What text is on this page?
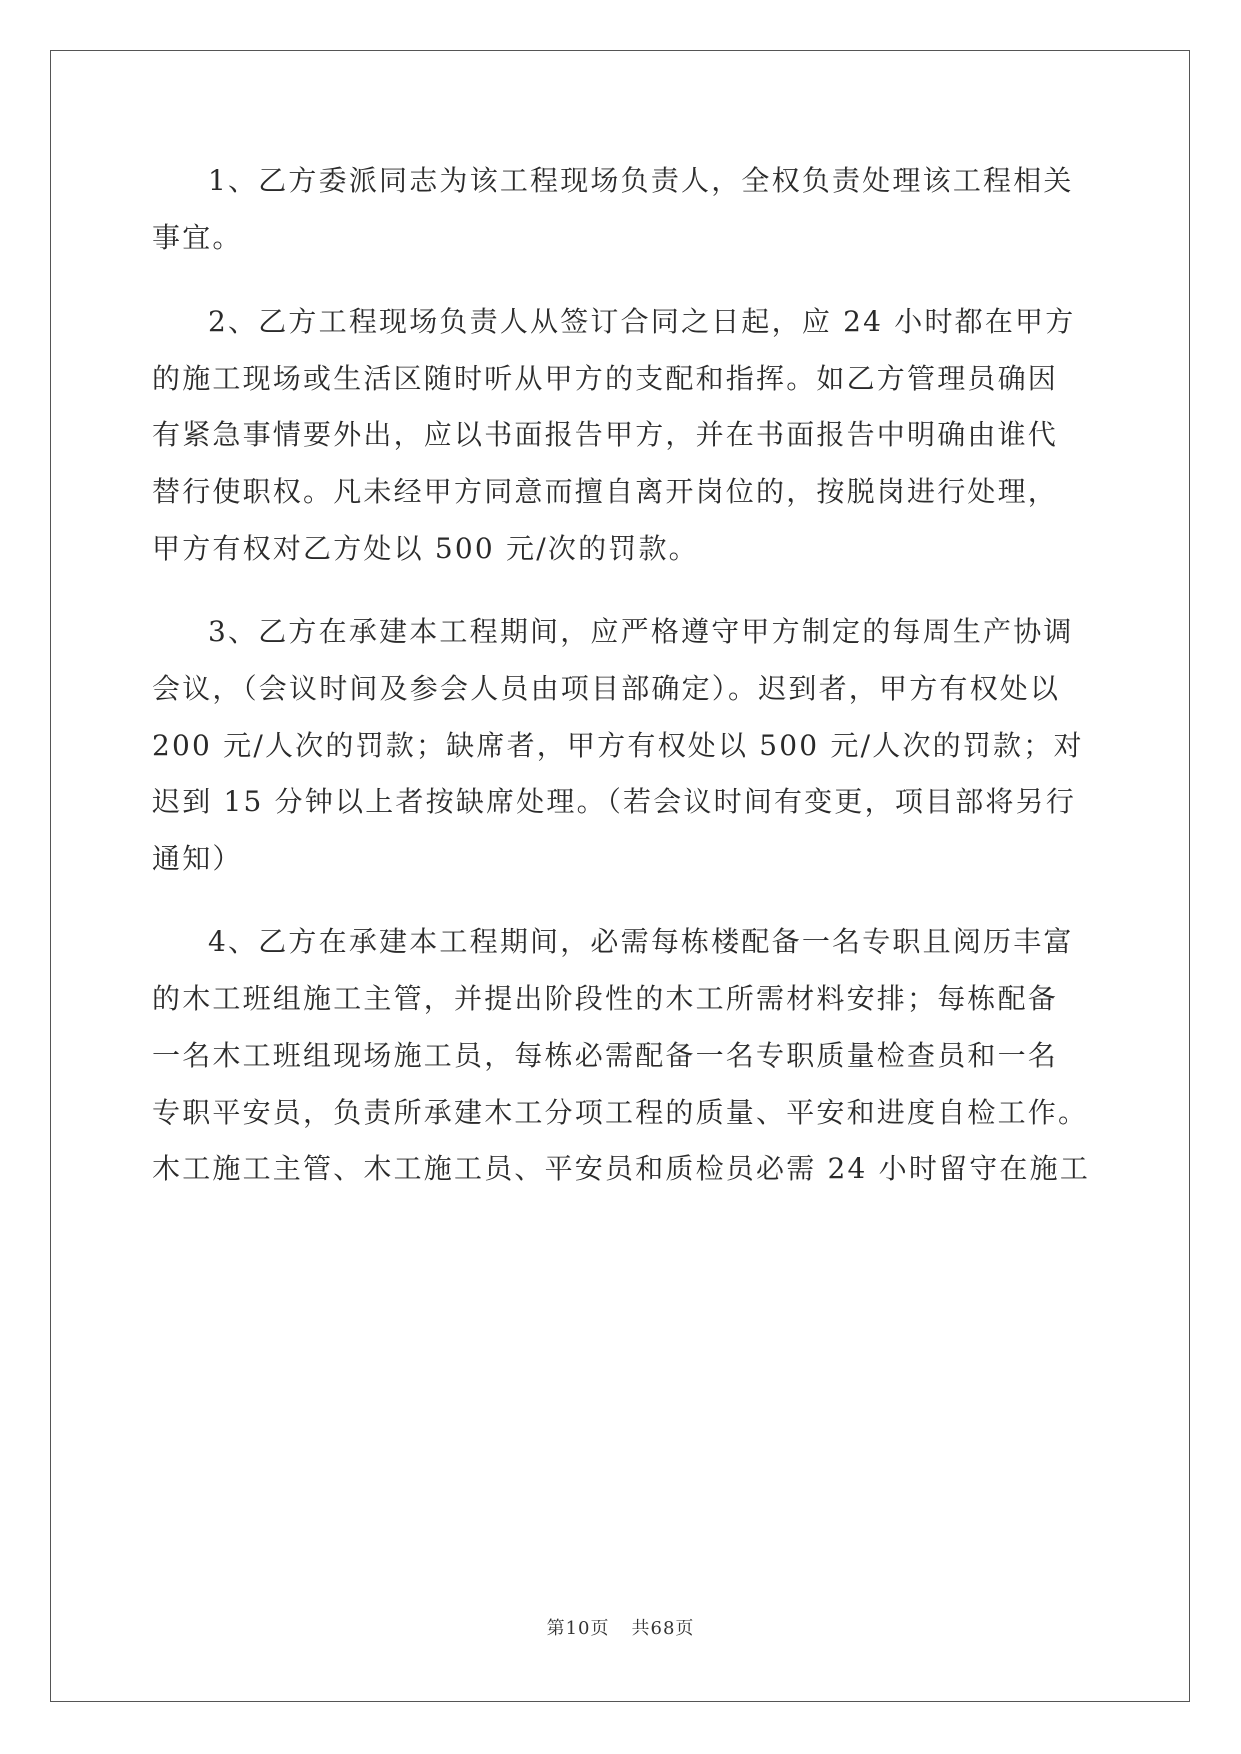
1、乙方委派同志为该工程现场负责人，全权负责处理该工程相关
事宜。
2、乙方工程现场负责人从签订合同之日起，应 24 小时都在甲方
的施工现场或生活区随时听从甲方的支配和指挥。如乙方管理员确因
有紧急事情要外出，应以书面报告甲方，并在书面报告中明确由谁代
替行使职权。凡未经甲方同意而擅自离开岗位的，按脱岗进行处理，
甲方有权对乙方处以 500 元/次的罚款。
3、乙方在承建本工程期间，应严格遵守甲方制定的每周生产协调
会议，（会议时间及参会人员由项目部确定）。迟到者，甲方有权处以
200 元/人次的罚款；缺席者，甲方有权处以 500 元/人次的罚款；对
迟到 15 分钟以上者按缺席处理。（若会议时间有变更，项目部将另行
通知）
4、乙方在承建本工程期间，必需每栋楼配备一名专职且阅历丰富
的木工班组施工主管，并提出阶段性的木工所需材料安排；每栋配备
一名木工班组现场施工员，每栋必需配备一名专职质量检查员和一名
专职平安员，负责所承建木工分项工程的质量、平安和进度自检工作。
木工施工主管、木工施工员、平安员和质检员必需 24 小时留守在施工
第10页 共68页
